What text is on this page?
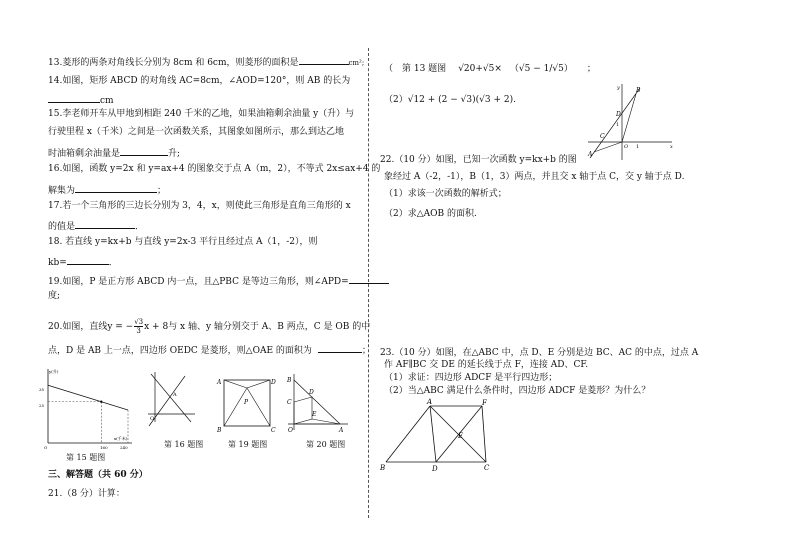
13.菱形的两条对角线长分别为 8cm 和 6cm，则菱形的面积是	cm²;
14.如图，矩形 ABCD 的对角线 AC=8cm，∠AOD=120°，则 AB 的长为
cm
15.李老师开车从甲地到相距 240 千米的乙地，如果油箱剩余油量 y（升）与
行驶里程 x（千米）之间是一次函数关系，其图象如图所示，那么到达乙地
时油箱剩余油量是	升;
16.如图，函数 y=2x 和 y=ax+4 的图象交于点 A（m，2），不等式 2x≤ax+4 的
解集为	；
17.若一个三角形的三边长分别为 3，4，x，则使此三角形是直角三角形的 x
的值是	．
18. 若直线 y=kx+b 与直线 y=2x-3 平行且经过点 A（1，-2），则
kb=	．
19.如图，P 是正方形 ABCD 内一点，且△PBC 是等边三角形，则∠APD=
度;
20.如图，直线y = − $\frac{√3}{3}$ x + 8与 x 轴、y 轴分别交于 A、B 两点，C 是 OB 的中
点，D 是 AB 上一点，四边形 OEDC 是菱形，则△OAE 的面积为	；
y(升)
35
25
O	160	240
x(千米)
第 15 题图
A
O
第 16 题图
A	D
B	C
P
第 19 题图
B
C
D
E
A
O
第 20 题图
三、解答题（共 60 分）
21.（8 分）计算：
（　第 13 题图 √20+√5× （√5 − 1/√5） ；
（2）√12 + (2 − √3)(√3 + 2).
B
D
C
A
O 1
1
x
y
22.（10 分）如图，已知一次函数 y=kx+b 的图
象经过 A（-2，-1），B（1，3）两点，并且交 x 轴于点 C，交 y 轴于点 D.
（1）求该一次函数的解析式；
（2）求△AOB 的面积.
23.（10 分）如图，在△ABC 中，点 D、E 分别是边 BC、AC 的中点，过点 A
作 AF∥BC 交 DE 的延长线于点 F，连接 AD、CF.
（1）求证：四边形 ADCF 是平行四边形；
（2）当△ABC 满足什么条件时，四边形 ADCF 是菱形？为什么？
A	F
B	D	C
E
